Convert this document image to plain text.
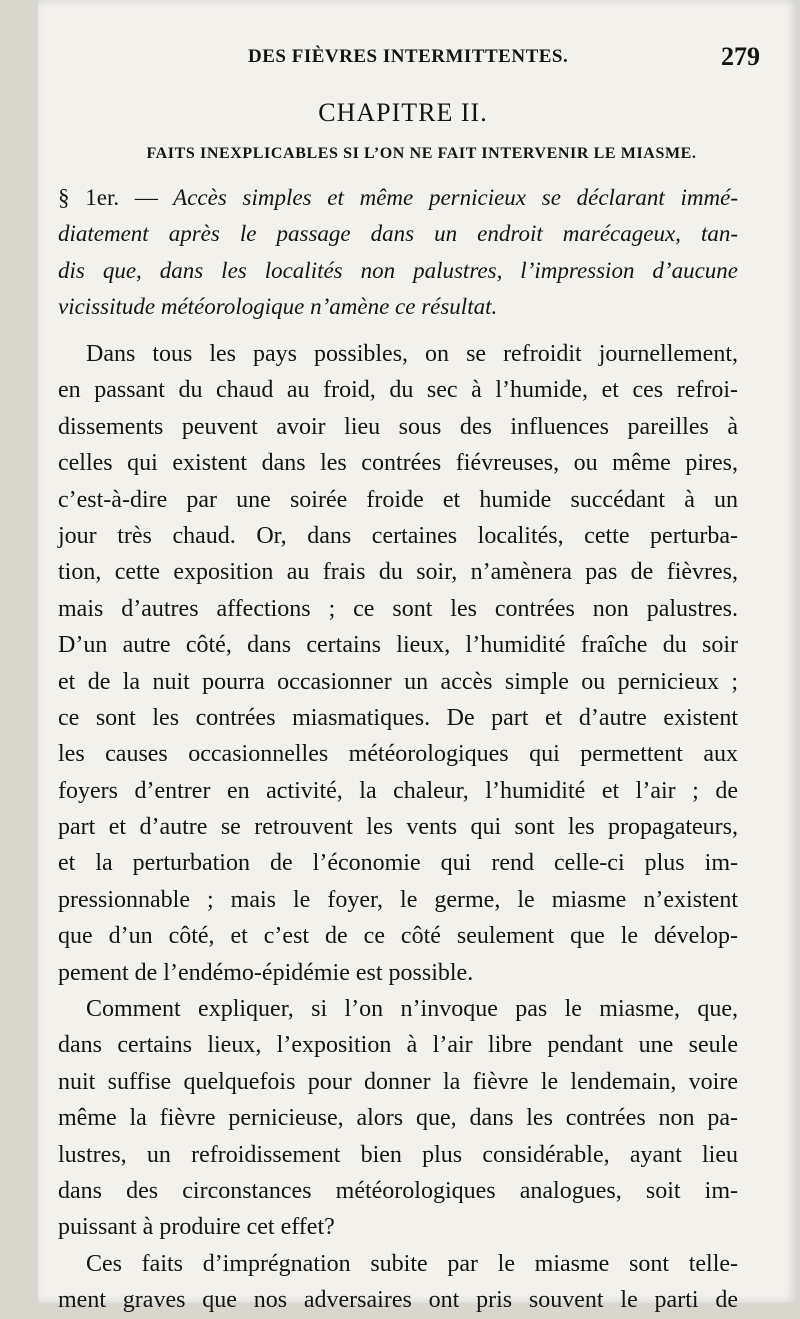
DES FIÈVRES INTERMITTENTES.	279
CHAPITRE II.
FAITS INEXPLICABLES SI L’ON NE FAIT INTERVENIR LE MIASME.
§ 1er. — Accès simples et même pernicieux se déclarant immé-
diatement après le passage dans un endroit marécageux, tan-
dis que, dans les localités non palustres, l’impression d’aucune
vicissitude météorologique n’amène ce résultat.
Dans tous les pays possibles, on se refroidit journellement,
en passant du chaud au froid, du sec à l’humide, et ces refroi-
dissements peuvent avoir lieu sous des influences pareilles à
celles qui existent dans les contrées fiévreuses, ou même pires,
c’est-à-dire par une soirée froide et humide succédant à un
jour très chaud. Or, dans certaines localités, cette perturba-
tion, cette exposition au frais du soir, n’amènera pas de fièvres,
mais d’autres affections ; ce sont les contrées non palustres.
D’un autre côté, dans certains lieux, l’humidité fraîche du soir
et de la nuit pourra occasionner un accès simple ou pernicieux ;
ce sont les contrées miasmatiques. De part et d’autre existent
les causes occasionnelles météorologiques qui permettent aux
foyers d’entrer en activité, la chaleur, l’humidité et l’air ; de
part et d’autre se retrouvent les vents qui sont les propagateurs,
et la perturbation de l’économie qui rend celle-ci plus im-
pressionnable ; mais le foyer, le germe, le miasme n’existent
que d’un côté, et c’est de ce côté seulement que le dévelop-
pement de l’endémo-épidémie est possible.
Comment expliquer, si l’on n’invoque pas le miasme, que,
dans certains lieux, l’exposition à l’air libre pendant une seule
nuit suffise quelquefois pour donner la fièvre le lendemain, voire
même la fièvre pernicieuse, alors que, dans les contrées non pa-
lustres, un refroidissement bien plus considérable, ayant lieu
dans des circonstances météorologiques analogues, soit im-
puissant à produire cet effet?
Ces faits d’imprégnation subite par le miasme sont telle-
ment graves que nos adversaires ont pris souvent le parti de
